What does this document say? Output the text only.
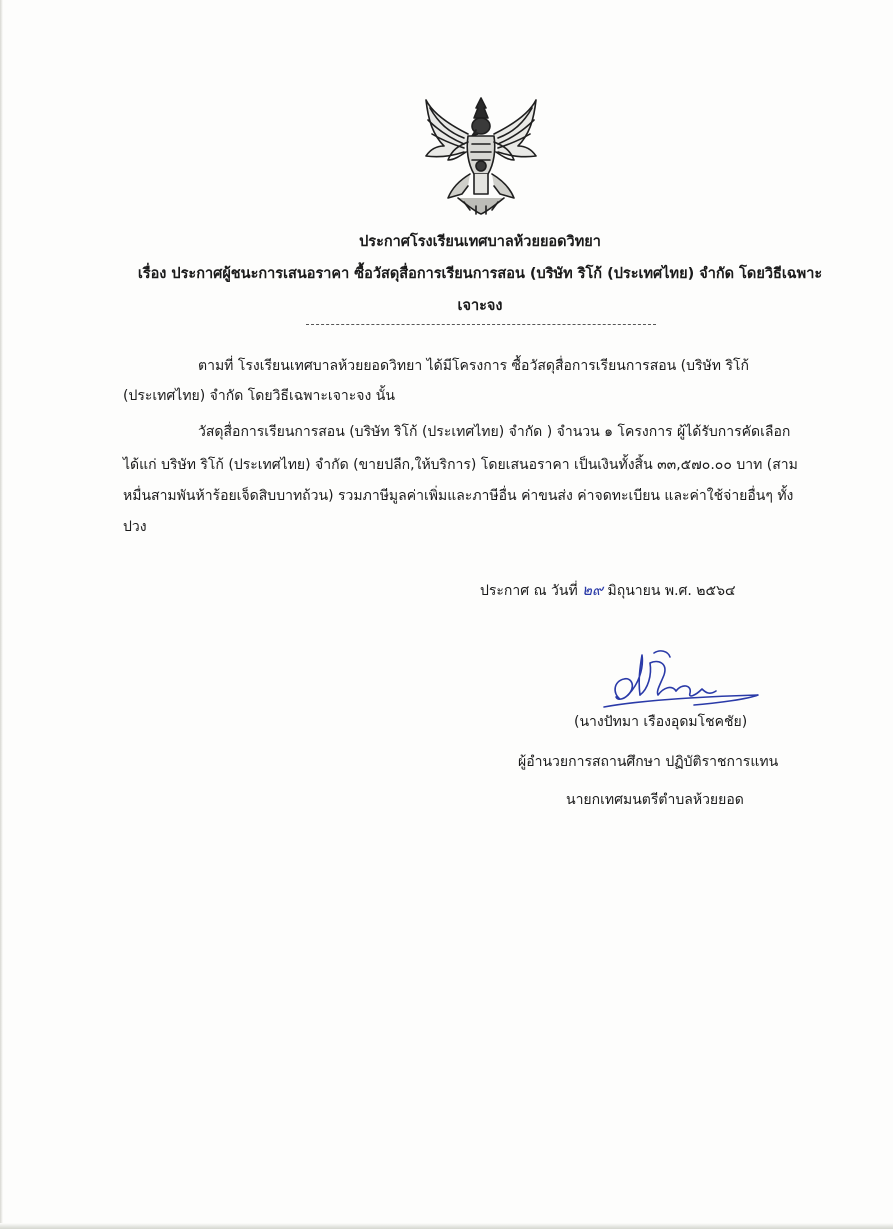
ประกาศโรงเรียนเทศบาลห้วยยอดวิทยา
เรื่อง ประกาศผู้ชนะการเสนอราคา ซื้อวัสดุสื่อการเรียนการสอน (บริษัท ริโก้ (ประเทศไทย) จำกัด โดยวิธีเฉพาะ
เจาะจง
ตามที่ โรงเรียนเทศบาลห้วยยอดวิทยา ได้มีโครงการ ซื้อวัสดุสื่อการเรียนการสอน (บริษัท ริโก้
(ประเทศไทย) จำกัด โดยวิธีเฉพาะเจาะจง นั้น
วัสดุสื่อการเรียนการสอน (บริษัท ริโก้ (ประเทศไทย) จำกัด ) จำนวน ๑ โครงการ ผู้ได้รับการคัดเลือก
ได้แก่ บริษัท ริโก้ (ประเทศไทย) จำกัด (ขายปลีก,ให้บริการ) โดยเสนอราคา เป็นเงินทั้งสิ้น ๓๓,๕๗๐.๐๐ บาท (สาม
หมื่นสามพันห้าร้อยเจ็ดสิบบาทถ้วน) รวมภาษีมูลค่าเพิ่มและภาษีอื่น ค่าขนส่ง ค่าจดทะเบียน และค่าใช้จ่ายอื่นๆ ทั้ง
ปวง
ประกาศ ณ วันที่ ๒๙ มิถุนายน พ.ศ. ๒๕๖๔
(นางปัทมา เรืองอุดมโชคชัย)
ผู้อำนวยการสถานศึกษา ปฏิบัติราชการแทน
นายกเทศมนตรีตำบลห้วยยอด
